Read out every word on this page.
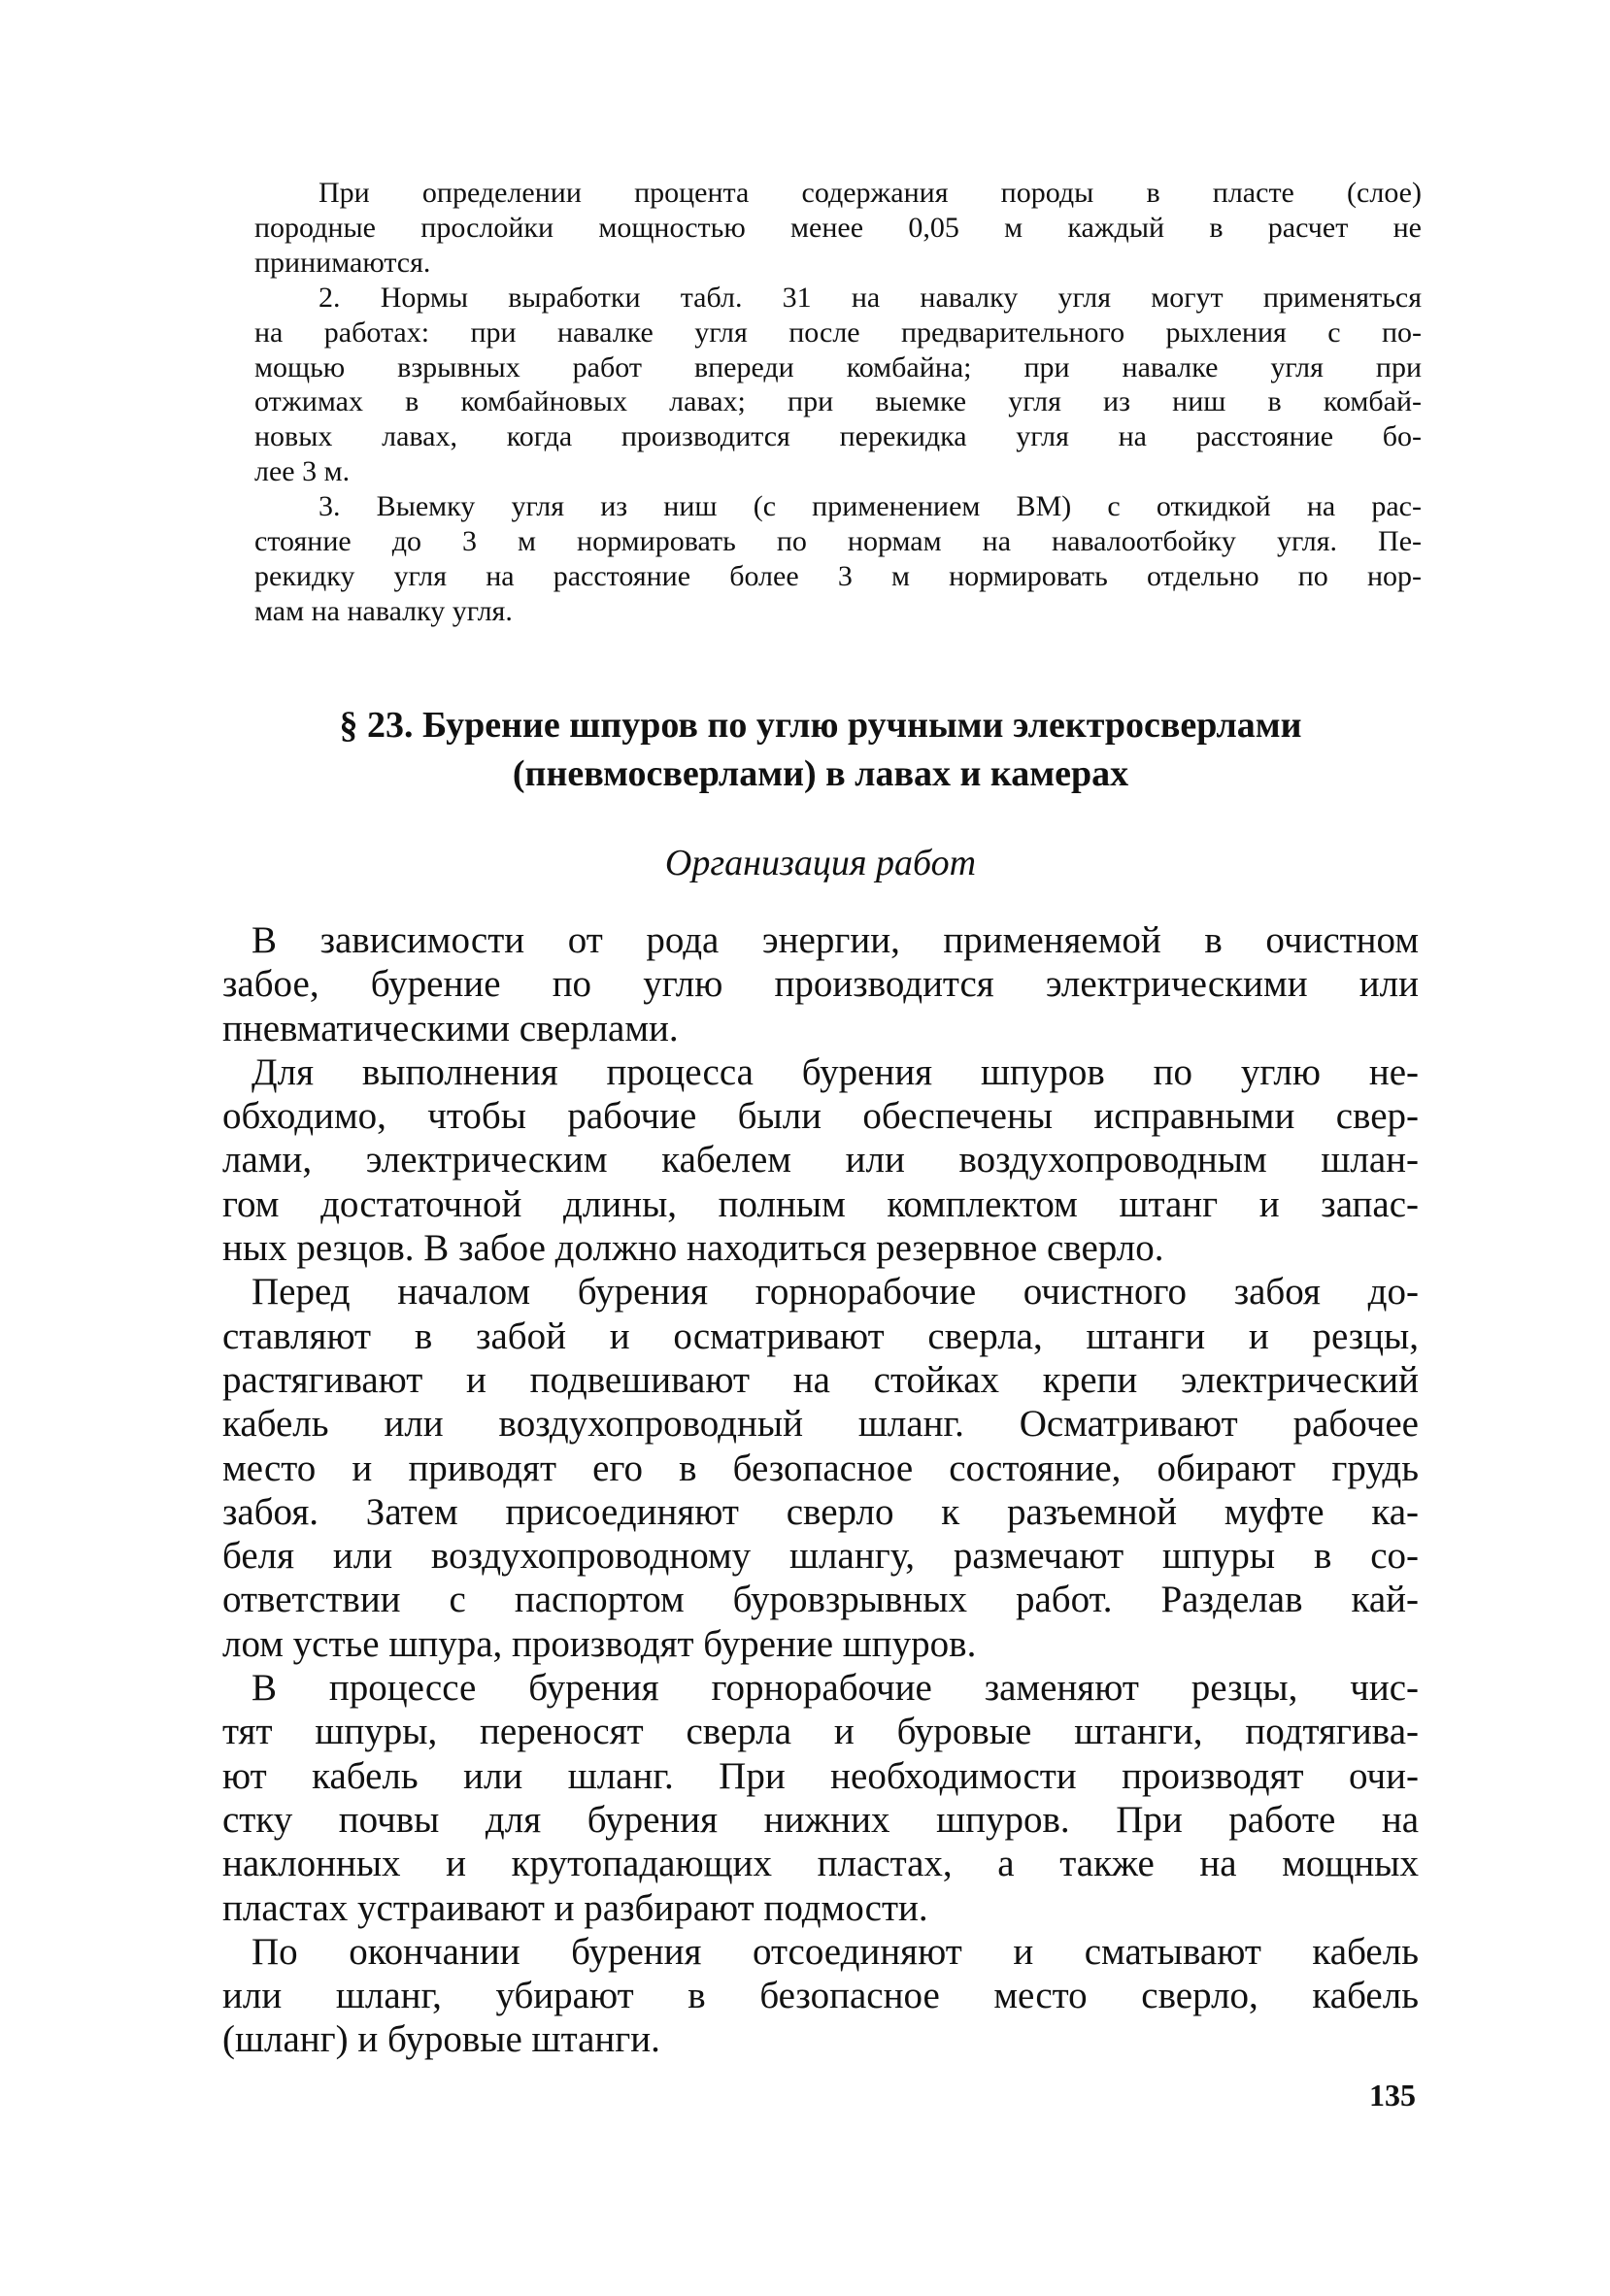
При определении процента содержания породы в пласте (слое)
породные прослойки мощностью менее 0,05 м каждый в расчет не
принимаются.
2. Нормы выработки табл. 31 на навалку угля могут применяться
на работах: при навалке угля после предварительного рыхления с по-
мощью взрывных работ впереди комбайна; при навалке угля при
отжимах в комбайновых лавах; при выемке угля из ниш в комбай-
новых лавах, когда производится перекидка угля на расстояние бо-
лее 3 м.
3. Выемку угля из ниш (с применением ВМ) с откидкой на рас-
стояние до 3 м нормировать по нормам на навалоотбойку угля. Пе-
рекидку угля на расстояние более 3 м нормировать отдельно по нор-
мам на навалку угля.
§ 23. Бурение шпуров по углю ручными электросверлами
(пневмосверлами) в лавах и камерах
Организация работ
В зависимости от рода энергии, применяемой в очистном
забое, бурение по углю производится электрическими или
пневматическими сверлами.
Для выполнения процесса бурения шпуров по углю не-
обходимо, чтобы рабочие были обеспечены исправными свер-
лами, электрическим кабелем или воздухопроводным шлан-
гом достаточной длины, полным комплектом штанг и запас-
ных резцов. В забое должно находиться резервное сверло.
Перед началом бурения горнорабочие очистного забоя до-
ставляют в забой и осматривают сверла, штанги и резцы,
растягивают и подвешивают на стойках крепи электрический
кабель или воздухопроводный шланг. Осматривают рабочее
место и приводят его в безопасное состояние, обирают грудь
забоя. Затем присоединяют сверло к разъемной муфте ка-
беля или воздухопроводному шлангу, размечают шпуры в со-
ответствии с паспортом буровзрывных работ. Разделав кай-
лом устье шпура, производят бурение шпуров.
В процессе бурения горнорабочие заменяют резцы, чис-
тят шпуры, переносят сверла и буровые штанги, подтягива-
ют кабель или шланг. При необходимости производят очи-
стку почвы для бурения нижних шпуров. При работе на
наклонных и крутопадающих пластах, а также на мощных
пластах устраивают и разбирают подмости.
По окончании бурения отсоединяют и сматывают кабель
или шланг, убирают в безопасное место сверло, кабель
(шланг) и буровые штанги.
135
